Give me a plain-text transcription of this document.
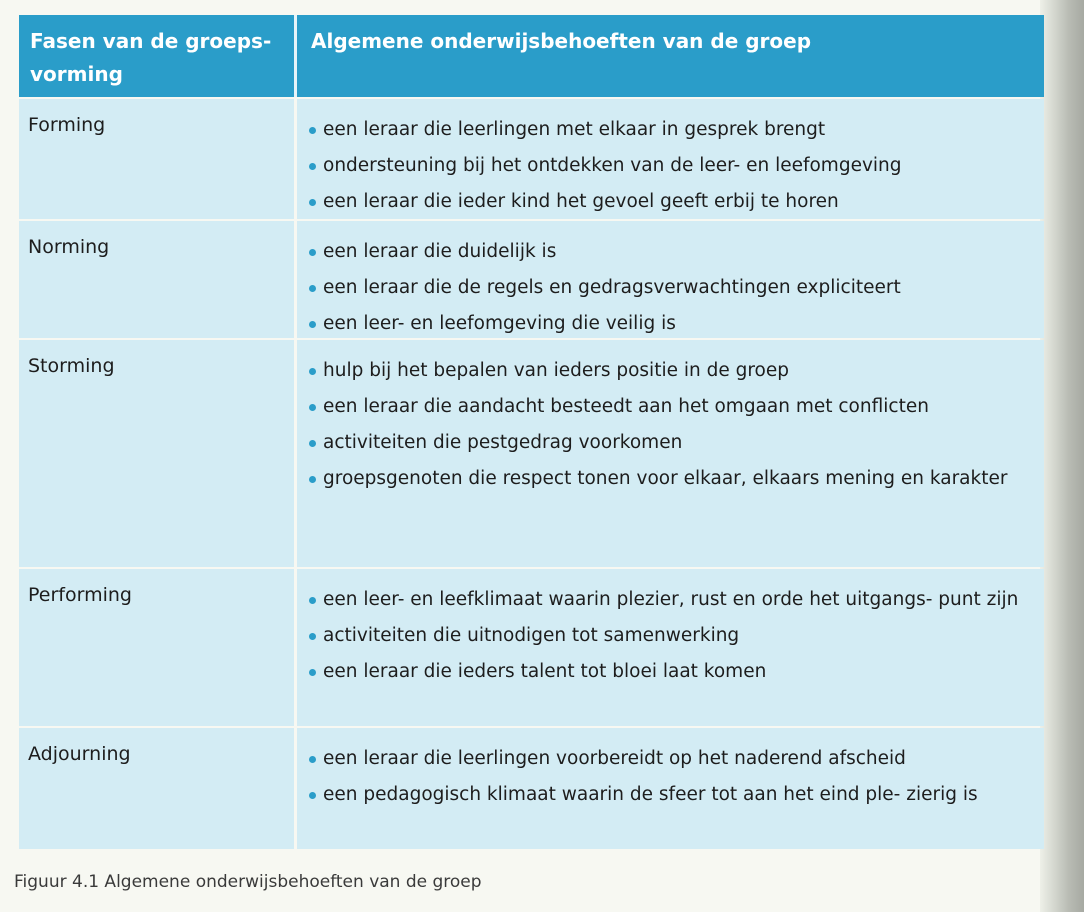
Fasen van de groeps- vorming
Algemene onderwijsbehoeften van de groep
Forming	een leraar die leerlingen met elkaar in gesprek brengt
ondersteuning bij het ontdekken van de leer- en leefomgeving
een leraar die ieder kind het gevoel geeft erbij te horen
Norming	een leraar die duidelijk is
een leraar die de regels en gedragsverwachtingen expliciteert
een leer- en leefomgeving die veilig is
Storming	hulp bij het bepalen van ieders positie in de groep
een leraar die aandacht besteedt aan het omgaan met conflicten
activiteiten die pestgedrag voorkomen
groepsgenoten die respect tonen voor elkaar, elkaars mening en karakter
Performing	een leer- en leefklimaat waarin plezier, rust en orde het uitgangs- punt zijn
activiteiten die uitnodigen tot samenwerking
een leraar die ieders talent tot bloei laat komen
Adjourning	een leraar die leerlingen voorbereidt op het naderend afscheid
een pedagogisch klimaat waarin de sfeer tot aan het eind ple- zierig is
Figuur 4.1 Algemene onderwijsbehoeften van de groep
